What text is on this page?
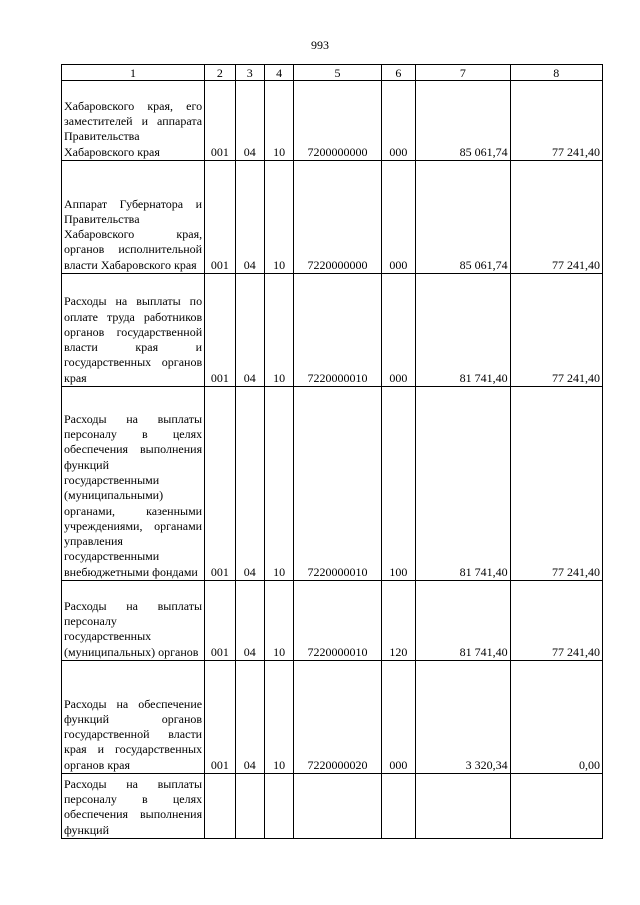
993
1	2	3	4	5	6	7	8
Хабаровского края, его заместителей и аппарата Правительства Хабаровского края	001	04	10	7200000000	000	85 061,74	77 241,40
Аппарат Губернатора и Правительства Хабаровского края, органов исполнительной власти Хабаровского края	001	04	10	7220000000	000	85 061,74	77 241,40
Расходы на выплаты по оплате труда работников органов государственной власти края и государственных органов края	001	04	10	7220000010	000	81 741,40	77 241,40
Расходы на выплаты персоналу в целях обеспечения выполнения функций государственными (муниципальными) органами, казенными учреждениями, органами управления государственными внебюджетными фондами	001	04	10	7220000010	100	81 741,40	77 241,40
Расходы на выплаты персоналу государственных (муниципальных) органов	001	04	10	7220000010	120	81 741,40	77 241,40
Расходы на обеспечение функций органов государственной власти края и государственных органов края	001	04	10	7220000020	000	3 320,34	0,00
Расходы на выплаты персоналу в целях обеспечения выполнения функций							
